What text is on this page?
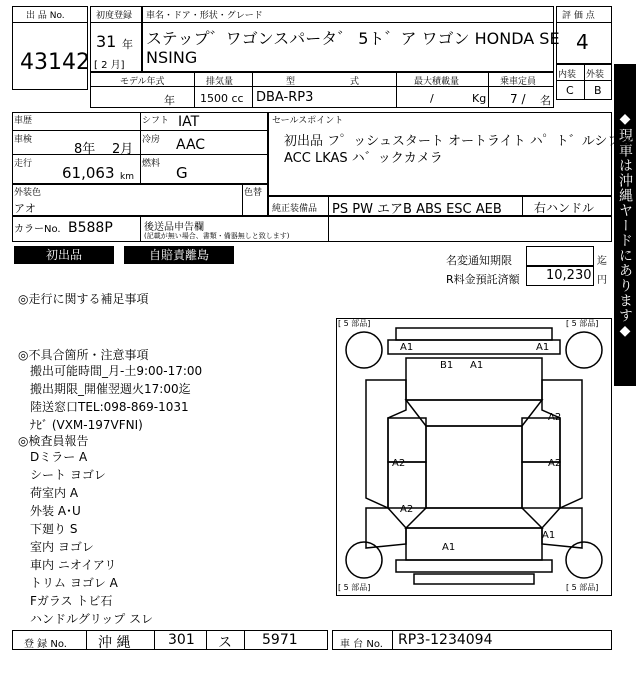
出 品 No.
43142
初度登録
31 年
[ 2 月]
車名・ドア・形状・グレード
ステップ゛ワゴンスパータ゛ 5ト゛ア ワゴン HONDA SE
NSING
評 価 点
4
◆現車は沖縄ヤードにあります◆
モデル年式
年
排気量
1500 cc
型	式
DBA-RP3
最大積載量
/	Kg
乗車定員
7 / 名
内装 外装
C B
車歴
車検
8年 2月
走行 61,063 km
シフト IAT
冷房 AAC
燃料 G
セールスポイント
初出品 フ゜ッシュスタート オートライト ハ゜ト゛ルシフト
ACC LKAS ハ゛ックカメラ
外装色
アオ
色替
純正装備品 PS PW エアB ABS ESC AEB	右ハンドル
カラーNo. B588P	後送品申告欄
(記載が無い場合、書類・備器無しと致します)
初出品	自賠責離島	名変通知期限	迄
R料金預託済額 10,230 円
◎走行に関する補足事項
◎不具合箇所・注意事項
搬出可能時間_月-土9:00-17:00
搬出期限_開催翌週火17:00迄
陸送窓口TEL:098-869-1031
ﾅﾋﾞ (VXM-197VFNI)
◎検査員報告
Dミラー A
シート ヨゴレ
荷室内 A
外装 A･U
下廻り S
室内 ヨゴレ
車内 ニオイアリ
トリム ヨゴレ A
Fガラス トビ石
ハンドルグリップ スレ
[ 5 部品]	[ 5 部品]
[ 5 部品]	[ 5 部品]
A1	A1
B1 A1
A2
A2	A2
A2
A1
A1
登 録 No. 沖 縄	301 ス 5971	車 台 No. RP3-1234094
